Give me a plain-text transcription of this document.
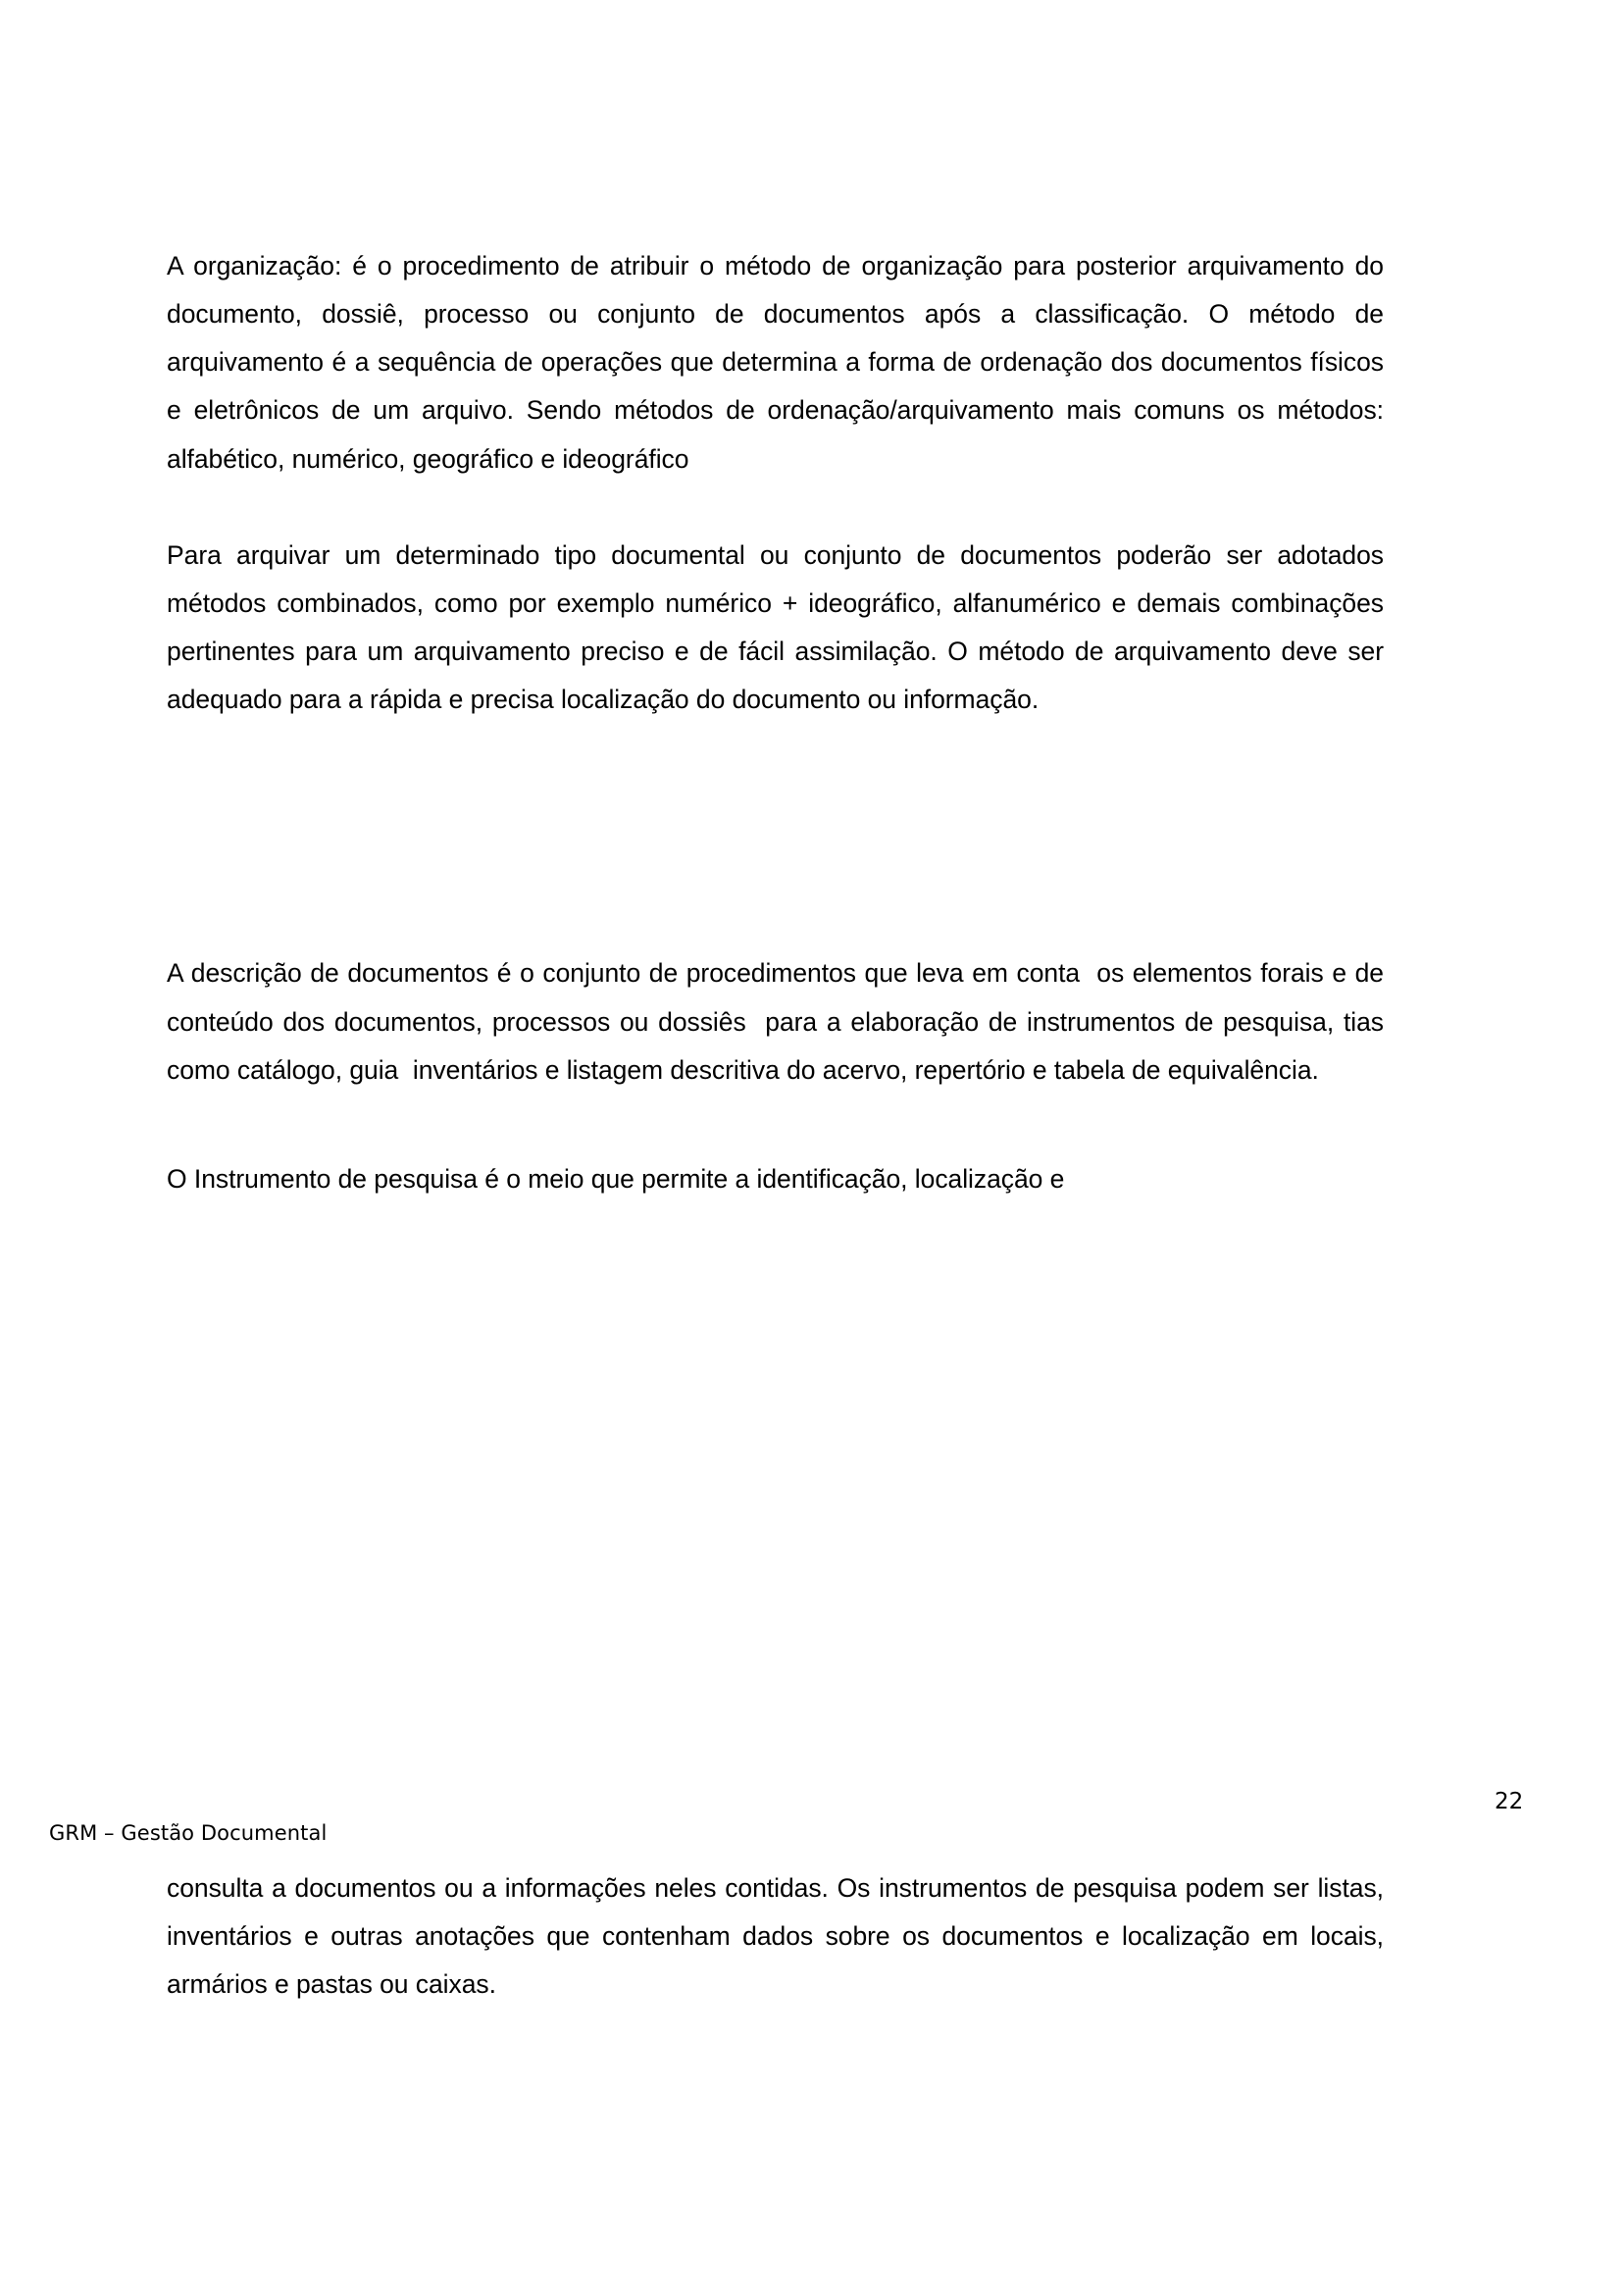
A organização: é o procedimento de atribuir o método de organização para posterior arquivamento do documento, dossiê, processo ou conjunto de documentos após a classificação. O método de arquivamento é a sequência de operações que determina a forma de ordenação dos documentos físicos e eletrônicos de um arquivo. Sendo métodos de ordenação/arquivamento mais comuns os métodos: alfabético, numérico, geográfico e ideográfico

Para arquivar um determinado tipo documental ou conjunto de documentos poderão ser adotados métodos combinados, como por exemplo numérico + ideográfico, alfanumérico e demais combinações pertinentes para um arquivamento preciso e de fácil assimilação. O método de arquivamento deve ser adequado para a rápida e precisa localização do documento ou informação.

A descrição de documentos é o conjunto de procedimentos que leva em conta  os elementos forais e de conteúdo dos documentos, processos ou dossiês  para a elaboração de instrumentos de pesquisa, tias como catálogo, guia  inventários e listagem descritiva do acervo, repertório e tabela de equivalência.

O Instrumento de pesquisa é o meio que permite a identificação, localização e

22
GRM – Gestão Documental

consulta a documentos ou a informações neles contidas. Os instrumentos de pesquisa podem ser listas, inventários e outras anotações que contenham dados sobre os documentos e localização em locais, armários e pastas ou caixas.
